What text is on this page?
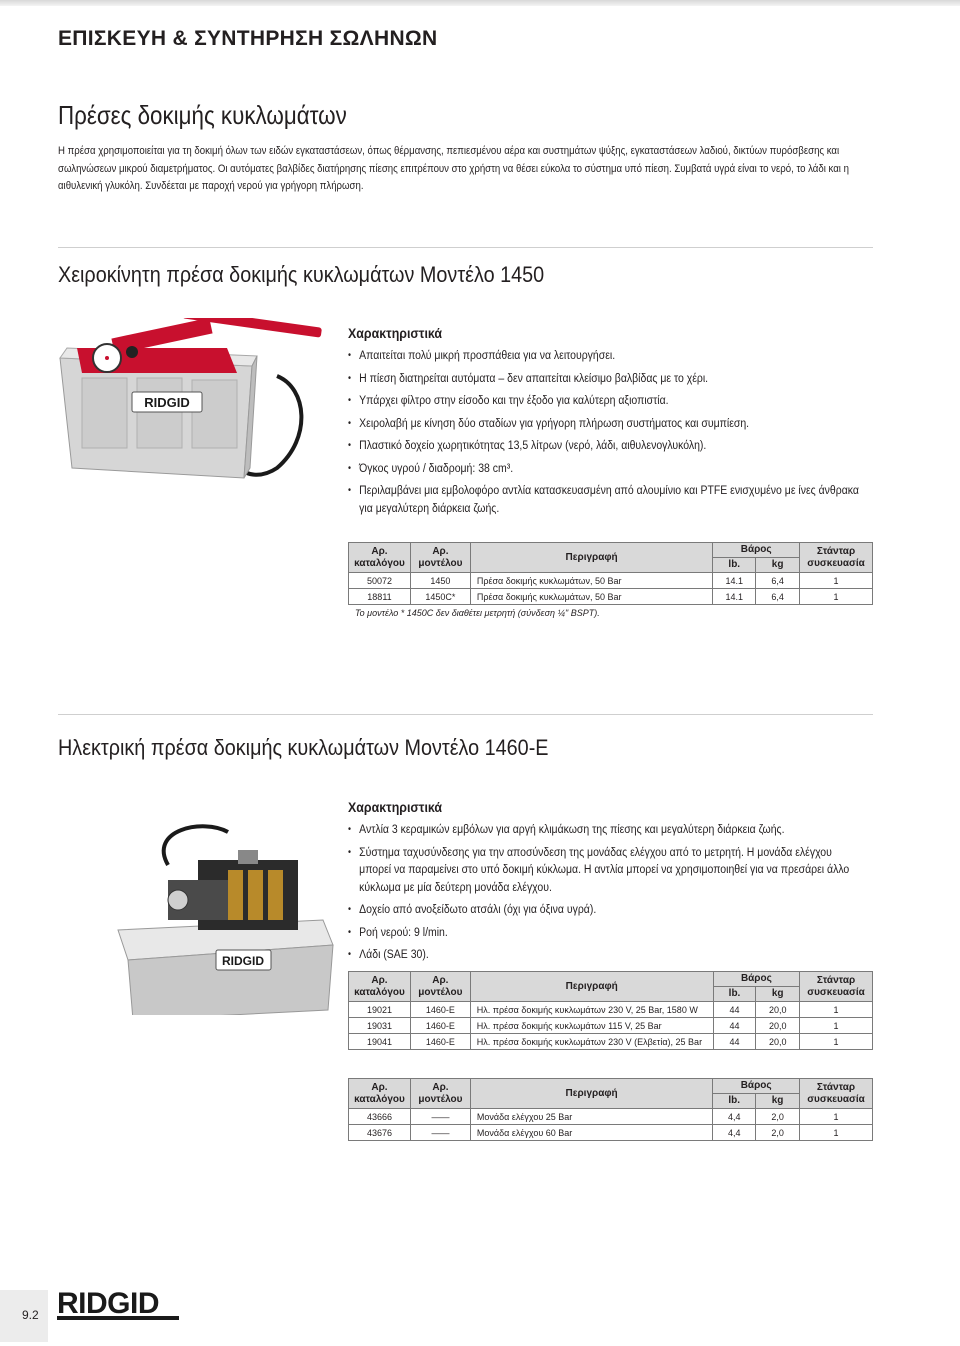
ΕΠΙΣΚΕΥΗ & ΣΥΝΤΗΡΗΣΗ ΣΩΛΗΝΩΝ
Πρέσες δοκιμής κυκλωμάτων
Η πρέσα χρησιμοποιείται για τη δοκιμή όλων των ειδών εγκαταστάσεων, όπως θέρμανσης, πεπιεσμένου αέρα και συστημάτων ψύξης, εγκαταστάσεων λαδιού, δικτύων πυρόσβεσης και σωληνώσεων μικρού διαμετρήματος. Οι αυτόματες βαλβίδες διατήρησης πίεσης επιτρέπουν στο χρήστη να θέσει εύκολα το σύστημα υπό πίεση. Συμβατά υγρά είναι το νερό, το λάδι και η αιθυλενική γλυκόλη. Συνδέεται με παροχή νερού για γρήγορη πλήρωση.
Χειροκίνητη πρέσα δοκιμής κυκλωμάτων Μοντέλο 1450
RIDGID
Χαρακτηριστικά
• Απαιτείται πολύ μικρή προσπάθεια για να λειτουργήσει.
• Η πίεση διατηρείται αυτόματα – δεν απαιτείται κλείσιμο βαλβίδας με το χέρι.
• Υπάρχει φίλτρο στην είσοδο και την έξοδο για καλύτερη αξιοπιστία.
• Χειρολαβή με κίνηση δύο σταδίων για γρήγορη πλήρωση συστήματος και συμπίεση.
• Πλαστικό δοχείο χωρητικότητας 13,5 λίτρων (νερό, λάδι, αιθυλενογλυκόλη).
• Όγκος υγρού / διαδρομή: 38 cm³.
• Περιλαμβάνει μια εμβολοφόρο αντλία κατασκευασμένη από αλουμίνιο και PTFE ενισχυμένο με ίνες άνθρακα για μεγαλύτερη διάρκεια ζωής.
Αρ. καταλόγου	Αρ. μοντέλου	Περιγραφή	Βάρος		Στάνταρ συσκευασία
			lb.	kg	
50072	1450	Πρέσα δοκιμής κυκλωμάτων, 50 Bar	14.1	6,4	1
18811	1450C*	Πρέσα δοκιμής κυκλωμάτων, 50 Bar	14.1	6,4	1
Το μοντέλο * 1450C δεν διαθέτει μετρητή (σύνδεση ¼" BSPT).
Ηλεκτρική πρέσα δοκιμής κυκλωμάτων Μοντέλο 1460-E
RIDGID
Χαρακτηριστικά
• Αντλία 3 κεραμικών εμβόλων για αργή κλιμάκωση της πίεσης και μεγαλύτερη διάρκεια ζωής.
• Σύστημα ταχυσύνδεσης για την αποσύνδεση της μονάδας ελέγχου από το μετρητή. Η μονάδα ελέγχου μπορεί να παραμείνει στο υπό δοκιμή κύκλωμα. Η αντλία μπορεί να χρησιμοποιηθεί για να πρεσάρει άλλο κύκλωμα με μία δεύτερη μονάδα ελέγχου.
• Δοχείο από ανοξείδωτο ατσάλι (όχι για όξινα υγρά).
• Ροή νερού: 9 l/min.
• Λάδι (SAE 30).
Αρ. καταλόγου	Αρ. μοντέλου	Περιγραφή	Βάρος		Στάνταρ συσκευασία
			lb.	kg	
19021	1460-E	Ηλ. πρέσα δοκιμής κυκλωμάτων 230 V, 25 Bar, 1580 W	44	20,0	1
19031	1460-E	Ηλ. πρέσα δοκιμής κυκλωμάτων 115 V, 25 Bar	44	20,0	1
19041	1460-E	Ηλ. πρέσα δοκιμής κυκλωμάτων 230 V (Ελβετία), 25 Bar	44	20,0	1
Αρ. καταλόγου	Αρ. μοντέλου	Περιγραφή	Βάρος		Στάνταρ συσκευασία
			lb.	kg	
43666	——	Μονάδα ελέγχου 25 Bar	4,4	2,0	1
43676	——	Μονάδα ελέγχου 60 Bar	4,4	2,0	1
9.2 RIDGID
